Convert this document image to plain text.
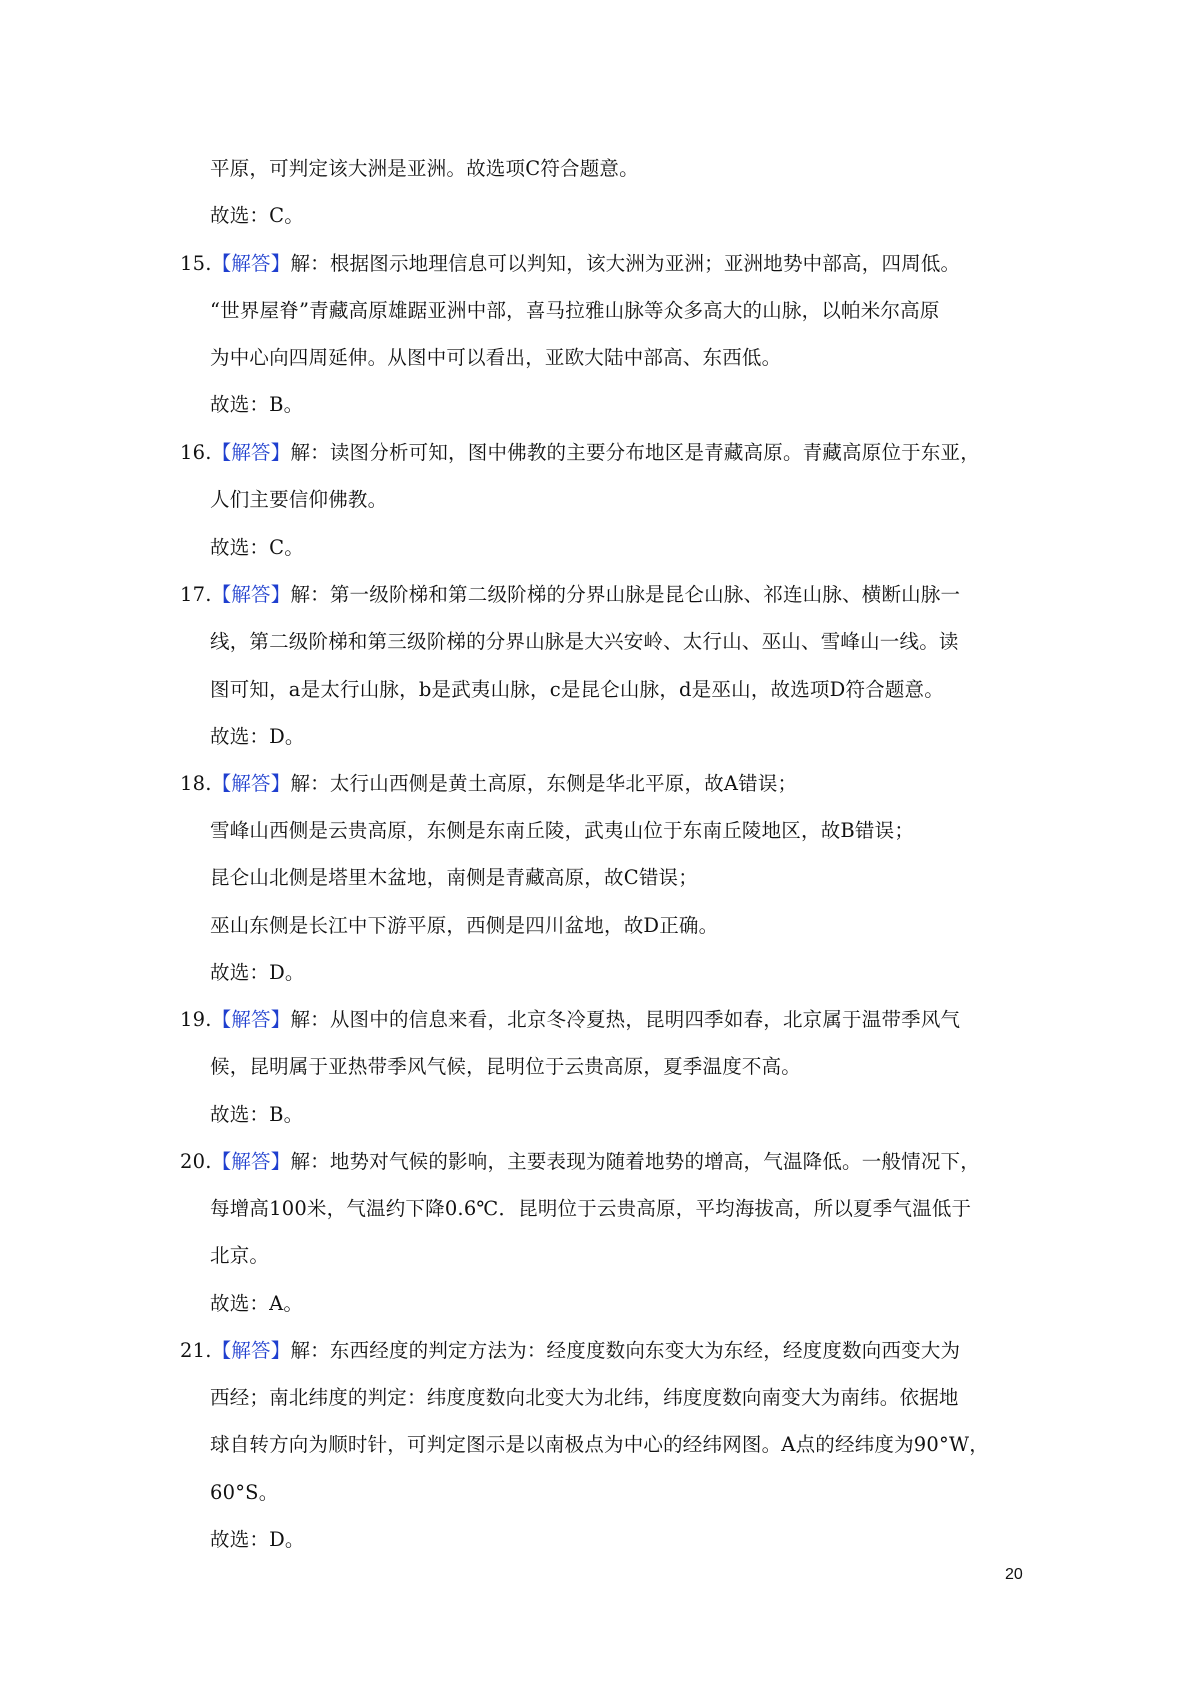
平原，可判定该大洲是亚洲。故选项C符合题意。
故选：C。
15.【解答】解：根据图示地理信息可以判知，该大洲为亚洲；亚洲地势中部高，四周低。
“世界屋脊”青藏高原雄踞亚洲中部，喜马拉雅山脉等众多高大的山脉，以帕米尔高原
为中心向四周延伸。从图中可以看出，亚欧大陆中部高、东西低。
故选：B。
16.【解答】解：读图分析可知，图中佛教的主要分布地区是青藏高原。青藏高原位于东亚，
人们主要信仰佛教。
故选：C。
17.【解答】解：第一级阶梯和第二级阶梯的分界山脉是昆仑山脉、祁连山脉、横断山脉一
线，第二级阶梯和第三级阶梯的分界山脉是大兴安岭、太行山、巫山、雪峰山一线。读
图可知，a是太行山脉，b是武夷山脉，c是昆仑山脉，d是巫山，故选项D符合题意。
故选：D。
18.【解答】解：太行山西侧是黄土高原，东侧是华北平原，故A错误；
雪峰山西侧是云贵高原，东侧是东南丘陵，武夷山位于东南丘陵地区，故B错误；
昆仑山北侧是塔里木盆地，南侧是青藏高原，故C错误；
巫山东侧是长江中下游平原，西侧是四川盆地，故D正确。
故选：D。
19.【解答】解：从图中的信息来看，北京冬冷夏热，昆明四季如春，北京属于温带季风气
候，昆明属于亚热带季风气候，昆明位于云贵高原，夏季温度不高。
故选：B。
20.【解答】解：地势对气候的影响，主要表现为随着地势的增高，气温降低。一般情况下，
每增高100米，气温约下降0.6℃．昆明位于云贵高原，平均海拔高，所以夏季气温低于
北京。
故选：A。
21.【解答】解：东西经度的判定方法为：经度度数向东变大为东经，经度度数向西变大为
西经；南北纬度的判定：纬度度数向北变大为北纬，纬度度数向南变大为南纬。依据地
球自转方向为顺时针，可判定图示是以南极点为中心的经纬网图。A点的经纬度为90°W，
60°S。
故选：D。
20
